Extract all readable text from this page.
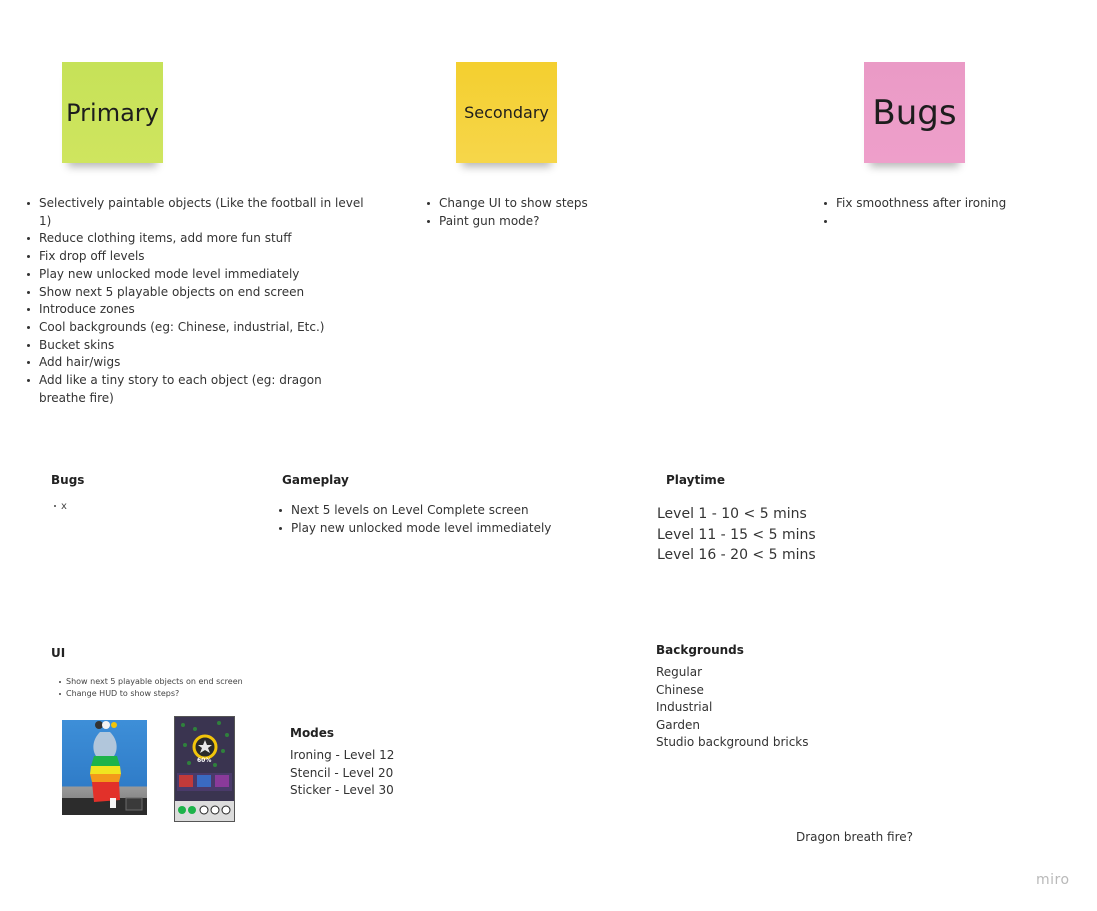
Primary	Secondary	Bugs
Selectively paintable objects (Like the football in level 1)
Reduce clothing items, add more fun stuff
Fix drop off levels
Play new unlocked mode level immediately
Show next 5 playable objects on end screen
Introduce zones
Cool backgrounds (eg: Chinese, industrial, Etc.)
Bucket skins
Add hair/wigs
Add like a tiny story to each object (eg: dragon breathe fire)
Change UI to show steps
Paint gun mode?
Fix smoothness after ironing
Bugs
x
Gameplay
Next 5 levels on Level Complete screen
Play new unlocked mode level immediately
Playtime
Level 1 - 10 < 5 mins
Level 11 - 15 < 5 mins
Level 16 - 20 < 5 mins
UI
Show next 5 playable objects on end screen
Change HUD to show steps?
60%
Modes
Ironing - Level 12
Stencil - Level 20
Sticker - Level 30
Backgrounds
Regular
Chinese
Industrial
Garden
Studio background bricks
Dragon breath fire?
miro
